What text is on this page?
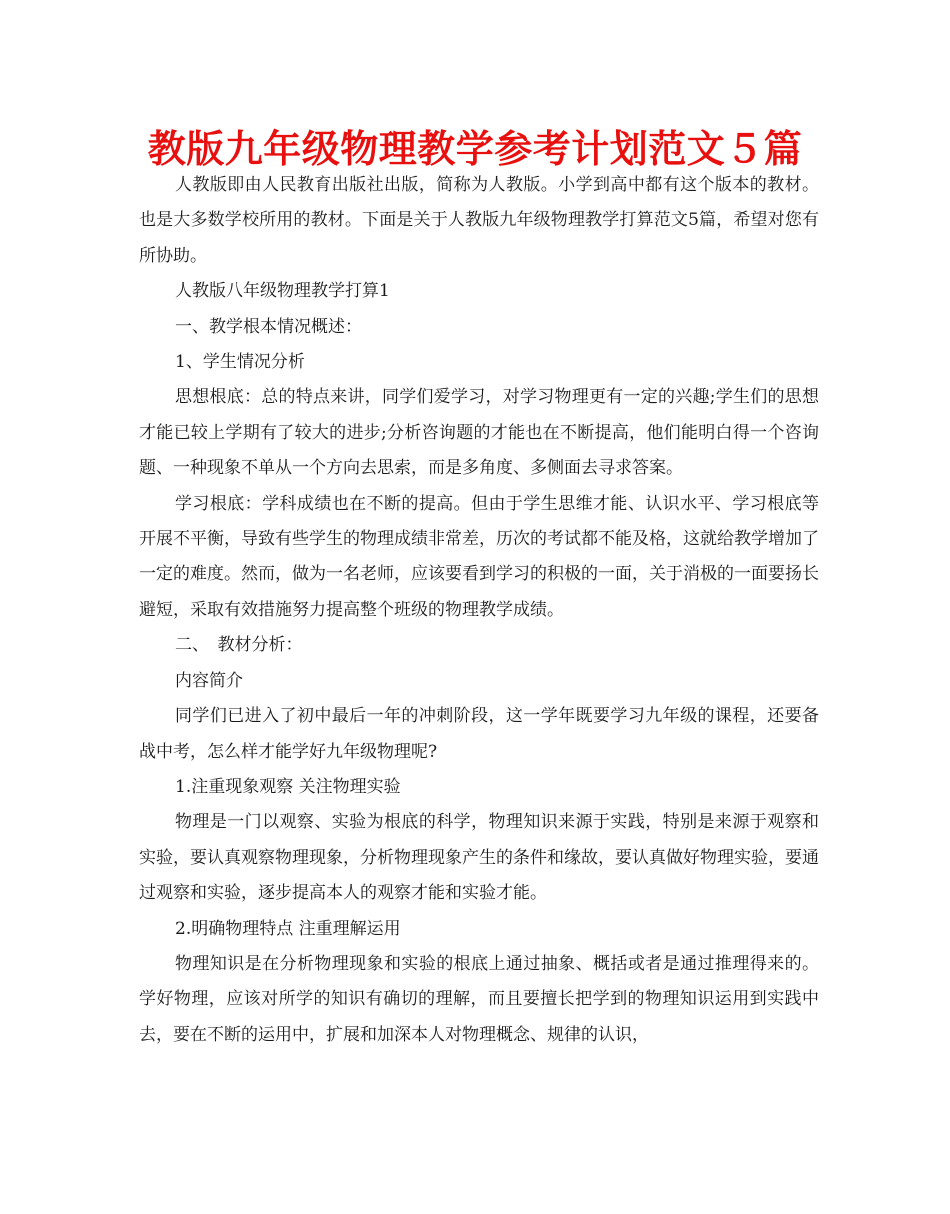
教版九年级物理教学参考计划范文５篇

人教版即由人民教育出版社出版，简称为人教版。小学到高中都有这个版本的教材。也是大多数学校所用的教材。下面是关于人教版九年级物理教学打算范文5篇，希望对您有所协助。

人教版八年级物理教学打算1

一、教学根本情况概述：

1、学生情况分析

思想根底：总的特点来讲，同学们爱学习，对学习物理更有一定的兴趣;学生们的思想才能已较上学期有了较大的进步;分析咨询题的才能也在不断提高，他们能明白得一个咨询题、一种现象不单从一个方向去思索，而是多角度、多侧面去寻求答案。

学习根底：学科成绩也在不断的提高。但由于学生思维才能、认识水平、学习根底等开展不平衡，导致有些学生的物理成绩非常差，历次的考试都不能及格，这就给教学增加了一定的难度。然而，做为一名老师，应该要看到学习的积极的一面，关于消极的一面要扬长避短，采取有效措施努力提高整个班级的物理教学成绩。

二、　教材分析：

内容简介

同学们已进入了初中最后一年的冲刺阶段，这一学年既要学习九年级的课程，还要备战中考，怎么样才能学好九年级物理呢?

1.注重现象观察 关注物理实验

物理是一门以观察、实验为根底的科学，物理知识来源于实践，特别是来源于观察和实验，要认真观察物理现象，分析物理现象产生的条件和缘故，要认真做好物理实验，要通过观察和实验，逐步提高本人的观察才能和实验才能。

2.明确物理特点 注重理解运用

物理知识是在分析物理现象和实验的根底上通过抽象、概括或者是通过推理得来的。学好物理，应该对所学的知识有确切的理解，而且要擅长把学到的物理知识运用到实践中去，要在不断的运用中，扩展和加深本人对物理概念、规律的认识，
